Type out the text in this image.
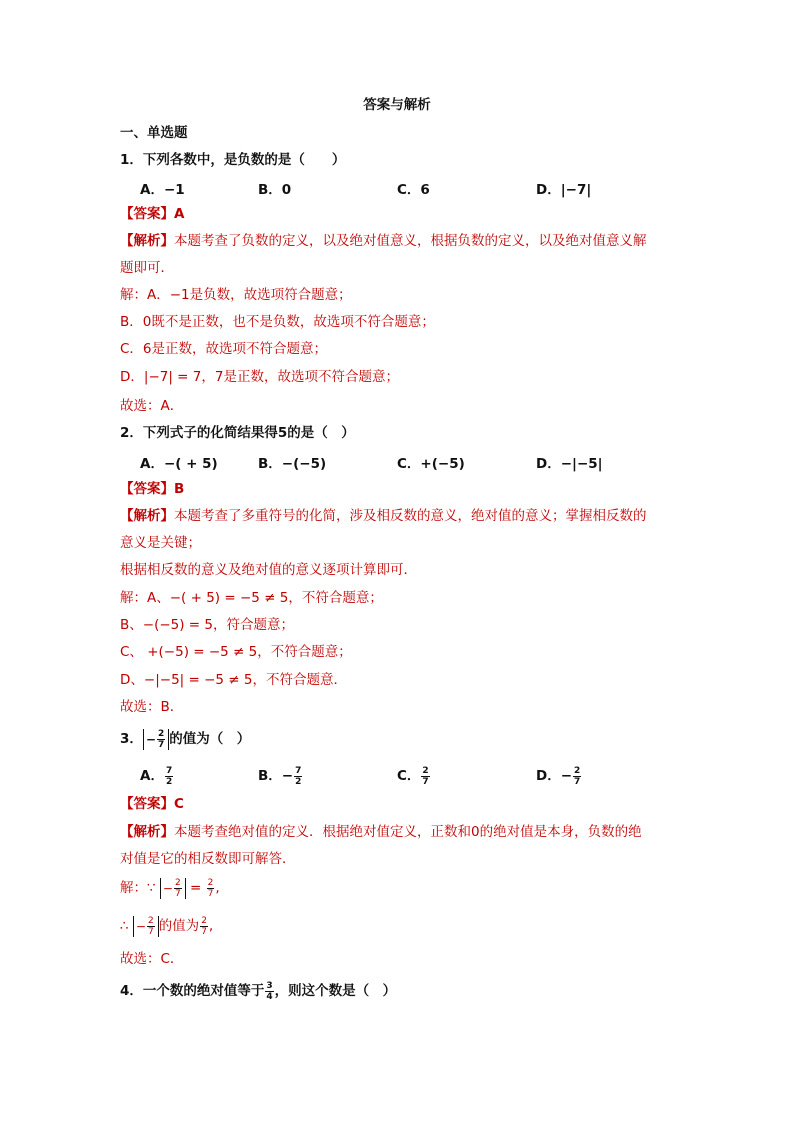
答案与解析
一、单选题
1．下列各数中，是负数的是（　　）
A．−1	B．0	C．6	D．|−7|
【答案】A
【解析】本题考查了负数的定义，以及绝对值意义，根据负数的定义，以及绝对值意义解
题即可．
解：A．−1是负数，故选项符合题意；
B．0既不是正数，也不是负数，故选项不符合题意；
C．6是正数，故选项不符合题意；
D．|−7| = 7，7是正数，故选项不符合题意；
故选：A．
2．下列式子的化简结果得5的是（　）
A．−( + 5)	B．−(−5)	C．+(−5)	D．−|−5|
【答案】B
【解析】本题考查了多重符号的化简，涉及相反数的意义，绝对值的意义；掌握相反数的
意义是关键；
根据相反数的意义及绝对值的意义逐项计算即可．
解：A、−( + 5) = −5 ≠ 5，不符合题意；
B、−(−5) = 5，符合题意；
C、 +(−5) = −5 ≠ 5，不符合题意；
D、−|−5| = −5 ≠ 5，不符合题意．
故选：B．
3． − $\frac{2}{7}$ 的值为（　）
A． $\frac{7}{2}$	B．− $\frac{7}{2}$	C． $\frac{2}{7}$	D．− $\frac{2}{7}$
【答案】C
【解析】本题考查绝对值的定义．根据绝对值定义，正数和0的绝对值是本身，负数的绝
对值是它的相反数即可解答．
解：∵ − $\frac{2}{7} = \frac{2}{7}$ ,
∴ − $\frac{2}{7}$ 的值为 $\frac{2}{7}$ ,
故选：C．
4．一个数的绝对值等于 $\frac{3}{4}$ ，则这个数是（　）
